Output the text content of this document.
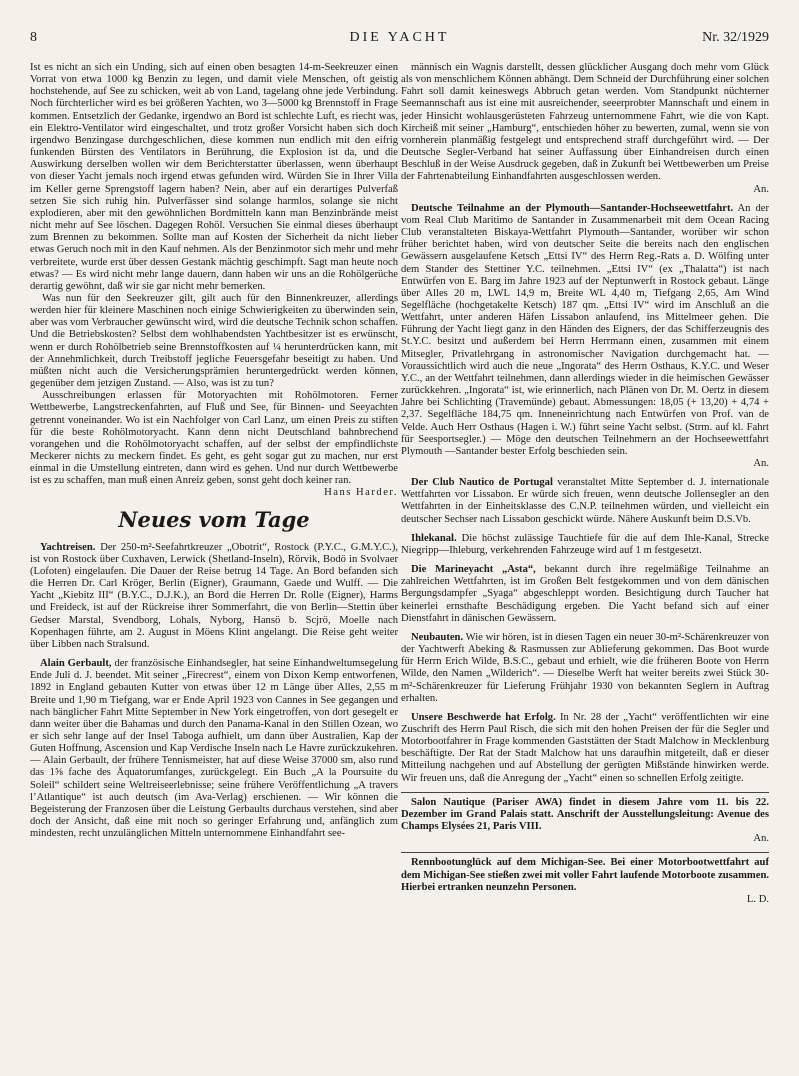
8	DIE YACHT	Nr. 32/1929

Ist es nicht an sich ein Unding, sich auf einen oben besagten 14-m-Seekreuzer einen Vorrat von etwa 1000 kg Benzin zu legen, und damit viele Menschen, oft geistig hochstehende, auf See zu schicken, weit ab von Land, tagelang ohne jede Verbindung. Noch fürchterlicher wird es bei größeren Yachten, wo 3—5000 kg Brennstoff in Frage kommen. Entsetzlich der Gedanke, irgendwo an Bord ist schlechte Luft, es riecht was, ein Elektro-Ventilator wird eingeschaltet, und trotz großer Vorsicht haben sich doch irgendwo Benzingase durchgeschlichen, diese kommen nun endlich mit den eifrig funkenden Bürsten des Ventilators in Berührung, die Explosion ist da, und die Auswirkung derselben wollen wir dem Berichterstatter überlassen, wenn überhaupt von dieser Yacht jemals noch irgend etwas gefunden wird. Würden Sie in Ihrer Villa im Keller gerne Sprengstoff lagern haben? Nein, aber auf ein derartiges Pulverfaß setzen Sie sich ruhig hin. Pulverfässer sind solange harmlos, solange sie nicht explodieren, aber mit den gewöhnlichen Bordmitteln kann man Benzinbrände meist nicht mehr auf See löschen. Dagegen Rohöl. Versuchen Sie einmal dieses überhaupt zum Brennen zu bekommen. Sollte man auf Kosten der Sicherheit da nicht lieber etwas Geruch noch mit in den Kauf nehmen. Als der Benzinmotor sich mehr und mehr verbreitete, wurde erst über dessen Gestank mächtig geschimpft. Sagt man heute noch etwas? — Es wird nicht mehr lange dauern, dann haben wir uns an die Rohölgerüche derartig gewöhnt, daß wir sie gar nicht mehr bemerken.

Was nun für den Seekreuzer gilt, gilt auch für den Binnenkreuzer, allerdings werden hier für kleinere Maschinen noch einige Schwierigkeiten zu überwinden sein, aber was vom Verbraucher gewünscht wird, wird die deutsche Technik schon schaffen. Und die Betriebskosten? Selbst dem wohlhabendsten Yachtbesitzer ist es erwünscht, wenn er durch Rohölbetrieb seine Brennstoffkosten auf ¼ herunterdrücken kann, mit der Annehmlichkeit, durch Treibstoff jegliche Feuersgefahr beseitigt zu haben. Und müßten nicht auch die Versicherungsprämien heruntergedrückt werden können, gegenüber dem jetzigen Zustand. — Also, was ist zu tun?

Ausschreibungen erlassen für Motoryachten mit Rohölmotoren. Ferner Wettbewerbe, Langstreckenfahrten, auf Fluß und See, für Binnen- und Seeyachten getrennt voneinander. Wo ist ein Nachfolger von Carl Lanz, um einen Preis zu stiften für die beste Rohölmotoryacht. Kann denn nicht Deutschland bahnbrechend vorangehen und die Rohölmotoryacht schaffen, auf der selbst der empfindlichste Meckerer nichts zu meckern findet. Es geht, es geht sogar gut zu machen, nur erst einmal in die Umstellung eintreten, dann wird es gehen. Und nur durch Wettbewerbe ist es zu schaffen, man muß einen Anreiz geben, sonst geht doch keiner ran.

Hans Harder.

Neues vom Tage

Yachtreisen. Der 250-m²-Seefahrtkreuzer „Obotrit“, Rostock (P.Y.C., G.M.Y.C.), ist von Rostock über Cuxhaven, Lerwick (Shetland-Inseln), Rörvik, Bodö in Svolvaer (Lofoten) eingelaufen. Die Dauer der Reise betrug 14 Tage. An Bord befanden sich die Herren Dr. Carl Kröger, Berlin (Eigner), Graumann, Gaede und Wulff. — Die Yacht „Kiebitz III“ (B.Y.C., D.J.K.), an Bord die Herren Dr. Rolle (Eigner), Harms und Freideck, ist auf der Rückreise ihrer Sommerfahrt, die von Berlin—Stettin über Gedser Marstal, Svendborg, Lohals, Nyborg, Hansö b. Scjrö, Moelle nach Kopenhagen führte, am 2. August in Möens Klint angelangt. Die Reise geht weiter über Libben nach Stralsund.

Alain Gerbault, der französische Einhandsegler, hat seine Einhandweltumsegelung Ende Juli d. J. beendet. Mit seiner „Firecrest“, einem von Dixon Kemp entworfenen, 1892 in England gebauten Kutter von etwas über 12 m Länge über Alles, 2,55 m Breite und 1,90 m Tiefgang, war er Ende April 1923 von Cannes in See gegangen und nach bänglicher Fahrt Mitte September in New York eingetroffen, von dort gesegelt er dann weiter über die Bahamas und durch den Panama-Kanal in den Stillen Ozean, wo er sich sehr lange auf der Insel Taboga aufhielt, um dann über Australien, Kap der Guten Hoffnung, Ascension und Kap Verdische Inseln nach Le Havre zurückzukehren. — Alain Gerbault, der frühere Tennismeister, hat auf diese Weise 37000 sm, also rund das 1⅝ fache des Äquatorumfanges, zurückgelegt. Ein Buch „A la Poursuite du Soleil“ schildert seine Weltreiseerlebnisse; seine frühere Veröffentlichung „A travers l’Atlantique“ ist auch deutsch (im Ava-Verlag) erschienen. — Wir können die Begeisterung der Franzosen über die Leistung Gerbaults durchaus verstehen, sind aber doch der Ansicht, daß eine mit noch so geringer Erfahrung und, anfänglich zum mindesten, recht unzulänglichen Mitteln unternommene Einhandfahrt see-

männisch ein Wagnis darstellt, dessen glücklicher Ausgang doch mehr vom Glück als von menschlichem Können abhängt. Dem Schneid der Durchführung einer solchen Fahrt soll damit keineswegs Abbruch getan werden. Vom Standpunkt nüchterner Seemannschaft aus ist eine mit ausreichender, seeerprobter Mannschaft und einem in jeder Hinsicht wohlausgerüsteten Fahrzeug unternommene Fahrt, wie die von Kapt. Kircheiß mit seiner „Hamburg“, entschieden höher zu bewerten, zumal, wenn sie von vornherein planmäßig festgelegt und entsprechend straff durchgeführt wird. — Der Deutsche Segler-Verband hat seiner Auffassung über Einhandreisen durch einen Beschluß in der Weise Ausdruck gegeben, daß in Zukunft bei Wettbewerben um Preise der Fahrtenabteilung Einhandfahrten ausgeschlossen werden.

An.

Deutsche Teilnahme an der Plymouth—Santander-Hochseewettfahrt. An der vom Real Club Maritimo de Santander in Zusammenarbeit mit dem Ocean Racing Club veranstalteten Biskaya-Wettfahrt Plymouth—Santander, worüber wir schon früher berichtet haben, wird von deutscher Seite die bereits nach den englischen Gewässern ausgelaufene Ketsch „Ettsi IV“ des Herrn Reg.-Rats a. D. Wölfing unter dem Stander des Stettiner Y.C. teilnehmen. „Ettsi IV“ (ex „Thalatta“) ist nach Entwürfen von E. Barg im Jahre 1923 auf der Neptunwerft in Rostock gebaut. Länge über Alles 20 m, LWL 14,9 m, Breite WL 4,40 m, Tiefgang 2,65, Am Wind Segelfläche (hochgetakelte Ketsch) 187 qm. „Ettsi IV“ wird im Anschluß an die Wettfahrt, unter anderen Häfen Lissabon anlaufend, ins Mittelmeer gehen. Die Führung der Yacht liegt ganz in den Händen des Eigners, der das Schifferzeugnis des St.Y.C. besitzt und außerdem bei Herrn Herrmann einen, zusammen mit einem Mitsegler, Privatlehrgang in astronomischer Navigation durchgemacht hat. — Voraussichtlich wird auch die neue „Ingorata“ des Herrn Osthaus, K.Y.C. und Weser Y.C., an der Wettfahrt teilnehmen, dann allerdings wieder in die heimischen Gewässer zurückkehren. „Ingorata“ ist, wie erinnerlich, nach Plänen von Dr. M. Oertz in diesem Jahre bei Schlichting (Travemünde) gebaut. Abmessungen: 18,05 (+ 13,20) + 4,74 + 2,37. Segelfläche 184,75 qm. Inneneinrichtung nach Entwürfen von Prof. van de Velde. Auch Herr Osthaus (Hagen i. W.) führt seine Yacht selbst. (Strm. auf kl. Fahrt für Seesportsegler.) — Möge den deutschen Teilnehmern an der Hochseewettfahrt Plymouth —Santander bester Erfolg beschieden sein.

An.

Der Club Nautico de Portugal veranstaltet Mitte September d. J. internationale Wettfahrten vor Lissabon. Er würde sich freuen, wenn deutsche Jollensegler an den Wettfahrten in der Einheitsklasse des C.N.P. teilnehmen würden, und vielleicht ein deutscher Sechser nach Lissabon geschickt würde. Nähere Auskunft beim D.S.Vb.

Ihlekanal. Die höchst zulässige Tauchtiefe für die auf dem Ihle-Kanal, Strecke Niegripp—Ihleburg, verkehrenden Fahrzeuge wird auf 1 m festgesetzt.

Die Marineyacht „Asta“, bekannt durch ihre regelmäßige Teilnahme an zahlreichen Wettfahrten, ist im Großen Belt festgekommen und von dem dänischen Bergungsdampfer „Syaga“ abgeschleppt worden. Besichtigung durch Taucher hat keinerlei ernsthafte Beschädigung ergeben. Die Yacht befand sich auf einer Dienstfahrt in dänischen Gewässern.

Neubauten. Wie wir hören, ist in diesen Tagen ein neuer 30-m²-Schärenkreuzer von der Yachtwerft Abeking & Rasmussen zur Ablieferung gekommen. Das Boot wurde für Herrn Erich Wilde, B.S.C., gebaut und erhielt, wie die früheren Boote von Herrn Wilde, den Namen „Wilderich“. — Dieselbe Werft hat weiter bereits zwei Stück 30-m²-Schärenkreuzer für Lieferung Frühjahr 1930 von bekannten Seglern in Auftrag erhalten.

Unsere Beschwerde hat Erfolg. In Nr. 28 der „Yacht“ veröffentlichten wir eine Zuschrift des Herrn Paul Risch, die sich mit den hohen Preisen der für die Segler und Motorbootfahrer in Frage kommenden Gaststätten der Stadt Malchow in Mecklenburg beschäftigte. Der Rat der Stadt Malchow hat uns daraufhin mitgeteilt, daß er dieser Mitteilung nachgehen und auf Abstellung der gerügten Mißstände hinwirken werde. Wir freuen uns, daß die Anregung der „Yacht“ einen so schnellen Erfolg zeitigte.

Salon Nautique (Pariser AWA) findet in diesem Jahre vom 11. bis 22. Dezember im Grand Palais statt. Anschrift der Ausstellungsleitung: Avenue des Champs Elysées 21, Paris VIII.

An.

Rennbootunglück auf dem Michigan-See. Bei einer Motorbootwettfahrt auf dem Michigan-See stießen zwei mit voller Fahrt laufende Motorboote zusammen. Hierbei ertranken neunzehn Personen.

L. D.
